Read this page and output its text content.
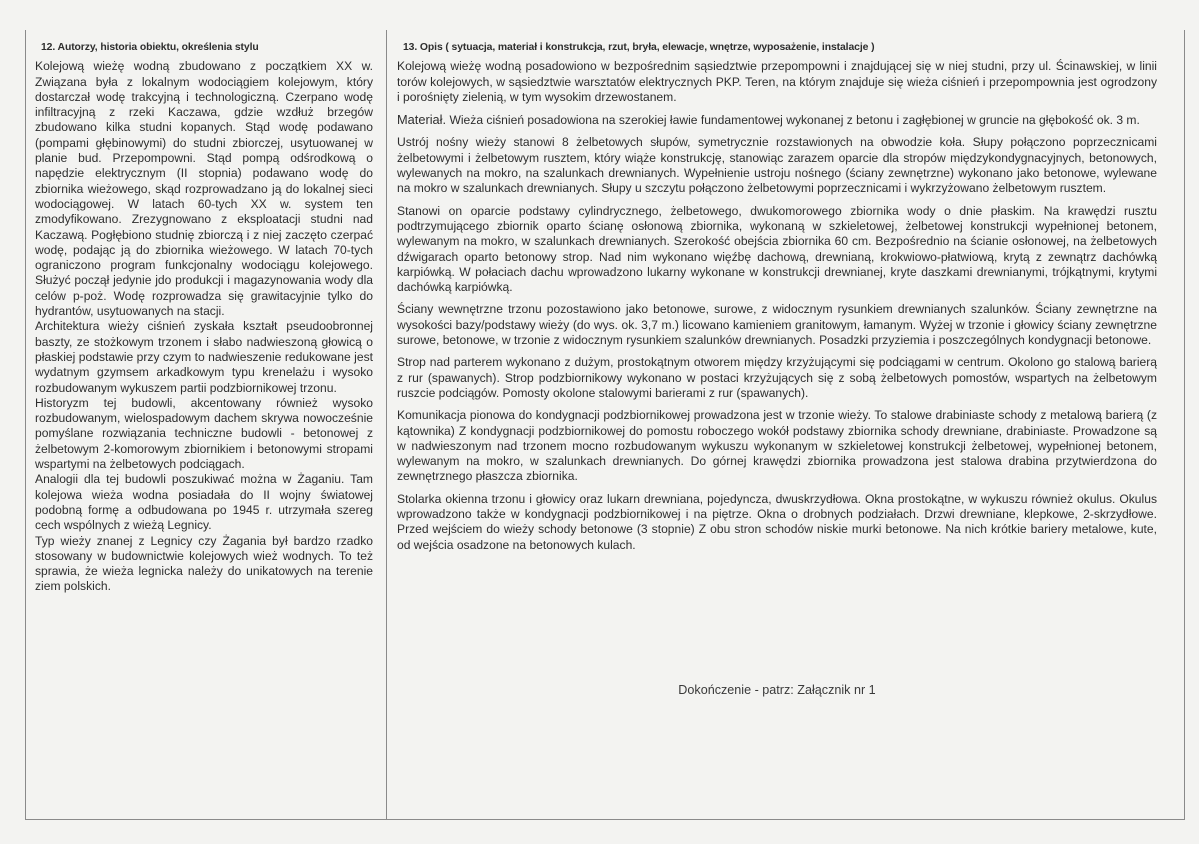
12. Autorzy, historia obiektu, określenia stylu

Kolejową wieżę wodną zbudowano z początkiem XX w. Związana była z lokalnym wodociągiem kolejowym, który dostarczał wodę trakcyjną i technologiczną. Czerpano wodę infiltracyjną z rzeki Kaczawa, gdzie wzdłuż brzegów zbudowano kilka studni kopanych. Stąd wodę podawano (pompami głębinowymi) do studni zbiorczej, usytuowanej w planie bud. Przepompowni. Stąd pompą odśrodkową o napędzie elektrycznym (II stopnia) podawano wodę do zbiornika wieżowego, skąd rozprowadzano ją do lokalnej sieci wodociągowej. W latach 60-tych XX w. system ten zmodyfikowano. Zrezygnowano z eksploatacji studni nad Kaczawą. Pogłębiono studnię zbiorczą i z niej zaczęto czerpać wodę, podając ją do zbiornika wieżowego. W latach 70-tych ograniczono program funkcjonalny wodociągu kolejowego. Służyć począł jedynie jdo produkcji i magazynowania wody dla celów p-poż. Wodę rozprowadza się grawitacyjnie tylko do hydrantów, usytuowanych na stacji.

Architektura wieży ciśnień zyskała kształt pseudoobronnej baszty, ze stożkowym trzonem i słabo nadwieszoną głowicą o płaskiej podstawie przy czym to nadwieszenie redukowane jest wydatnym gzymsem arkadkowym typu krenelażu i wysoko rozbudowanym wykuszem partii podzbiornikowej trzonu.

Historyzm tej budowli, akcentowany również wysoko rozbudowanym, wielospadowym dachem skrywa nowocześnie pomyślane rozwiązania techniczne budowli - betonowej z żelbetowym 2-komorowym zbiornikiem i betonowymi stropami wspartymi na żelbetowych podciągach.

Analogii dla tej budowli poszukiwać można w Żaganiu. Tam kolejowa wieża wodna posiadała do II wojny światowej podobną formę a odbudowana po 1945 r. utrzymała szereg cech wspólnych z wieżą Legnicy.

Typ wieży znanej z Legnicy czy Żagania był bardzo rzadko stosowany w budownictwie kolejowych wież wodnych. To też sprawia, że wieża legnicka należy do unikatowych na terenie ziem polskich.

13. Opis ( sytuacja, materiał i konstrukcja, rzut, bryła, elewacje, wnętrze, wyposażenie, instalacje )

Kolejową wieżę wodną posadowiono w bezpośrednim sąsiedztwie przepompowni i znajdującej się w niej studni, przy ul. Ścinawskiej, w linii torów kolejowych, w sąsiedztwie warsztatów elektrycznych PKP. Teren, na którym znajduje się wieża ciśnień i przepompownia jest ogrodzony i porośnięty zielenią, w tym wysokim drzewostanem.

Materiał. Wieża ciśnień posadowiona na szerokiej ławie fundamentowej wykonanej z betonu i zagłębionej w gruncie na głębokość ok. 3 m.

Ustrój nośny wieży stanowi 8 żelbetowych słupów, symetrycznie rozstawionych na obwodzie koła. Słupy połączono poprzecznicami żelbetowymi i żelbetowym rusztem, który wiąże konstrukcję, stanowiąc zarazem oparcie dla stropów międzykondygnacyjnych, betonowych, wylewanych na mokro, na szalunkach drewnianych. Wypełnienie ustroju nośnego (ściany zewnętrzne) wykonano jako betonowe, wylewane na mokro w szalunkach drewnianych. Słupy u szczytu połączono żelbetowymi poprzecznicami i wykrzyżowano żelbetowym rusztem.

Stanowi on oparcie podstawy cylindrycznego, żelbetowego, dwukomorowego zbiornika wody o dnie płaskim. Na krawędzi rusztu podtrzymującego zbiornik oparto ścianę osłonową zbiornika, wykonaną w szkieletowej, żelbetowej konstrukcji wypełnionej betonem, wylewanym na mokro, w szalunkach drewnianych. Szerokość obejścia zbiornika 60 cm. Bezpośrednio na ścianie osłonowej, na żelbetowych dźwigarach oparto betonowy strop. Nad nim wykonano więźbę dachową, drewnianą, krokwiowo-płatwiową, krytą z zewnątrz dachówką karpiówką. W połaciach dachu wprowadzono lukarny wykonane w konstrukcji drewnianej, kryte daszkami drewnianymi, trójkątnymi, krytymi dachówką karpiówką.

Ściany wewnętrzne trzonu pozostawiono jako betonowe, surowe, z widocznym rysunkiem drewnianych szalunków. Ściany zewnętrzne na wysokości bazy/podstawy wieży (do wys. ok. 3,7 m.) licowano kamieniem granitowym, łamanym. Wyżej w trzonie i głowicy ściany zewnętrzne surowe, betonowe, w trzonie z widocznym rysunkiem szalunków drewnianych. Posadzki przyziemia i poszczególnych kondygnacji betonowe.

Strop nad parterem wykonano z dużym, prostokątnym otworem między krzyżującymi się podciągami w centrum. Okolono go stalową barierą z rur (spawanych). Strop podzbiornikowy wykonano w postaci krzyżujących się z sobą żelbetowych pomostów, wspartych na żelbetowym ruszcie podciągów. Pomosty okolone stalowymi barierami z rur (spawanych).

Komunikacja pionowa do kondygnacji podzbiornikowej prowadzona jest w trzonie wieży. To stalowe drabiniaste schody z metalową barierą (z kątownika) Z kondygnacji podzbiornikowej do pomostu roboczego wokół podstawy zbiornika schody drewniane, drabiniaste. Prowadzone są w nadwieszonym nad trzonem mocno rozbudowanym wykuszu wykonanym w szkieletowej konstrukcji żelbetowej, wypełnionej betonem, wylewanym na mokro, w szalunkach drewnianych. Do górnej krawędzi zbiornika prowadzona jest stalowa drabina przytwierdzona do zewnętrznego płaszcza zbiornika.

Stolarka okienna trzonu i głowicy oraz lukarn drewniana, pojedyncza, dwuskrzydłowa. Okna prostokątne, w wykuszu również okulus. Okulus wprowadzono także w kondygnacji podzbiornikowej i na piętrze. Okna o drobnych podziałach. Drzwi drewniane, klepkowe, 2-skrzydłowe. Przed wejściem do wieży schody betonowe (3 stopnie) Z obu stron schodów niskie murki betonowe. Na nich krótkie bariery metalowe, kute, od wejścia osadzone na betonowych kulach.

Dokończenie - patrz: Załącznik nr 1
